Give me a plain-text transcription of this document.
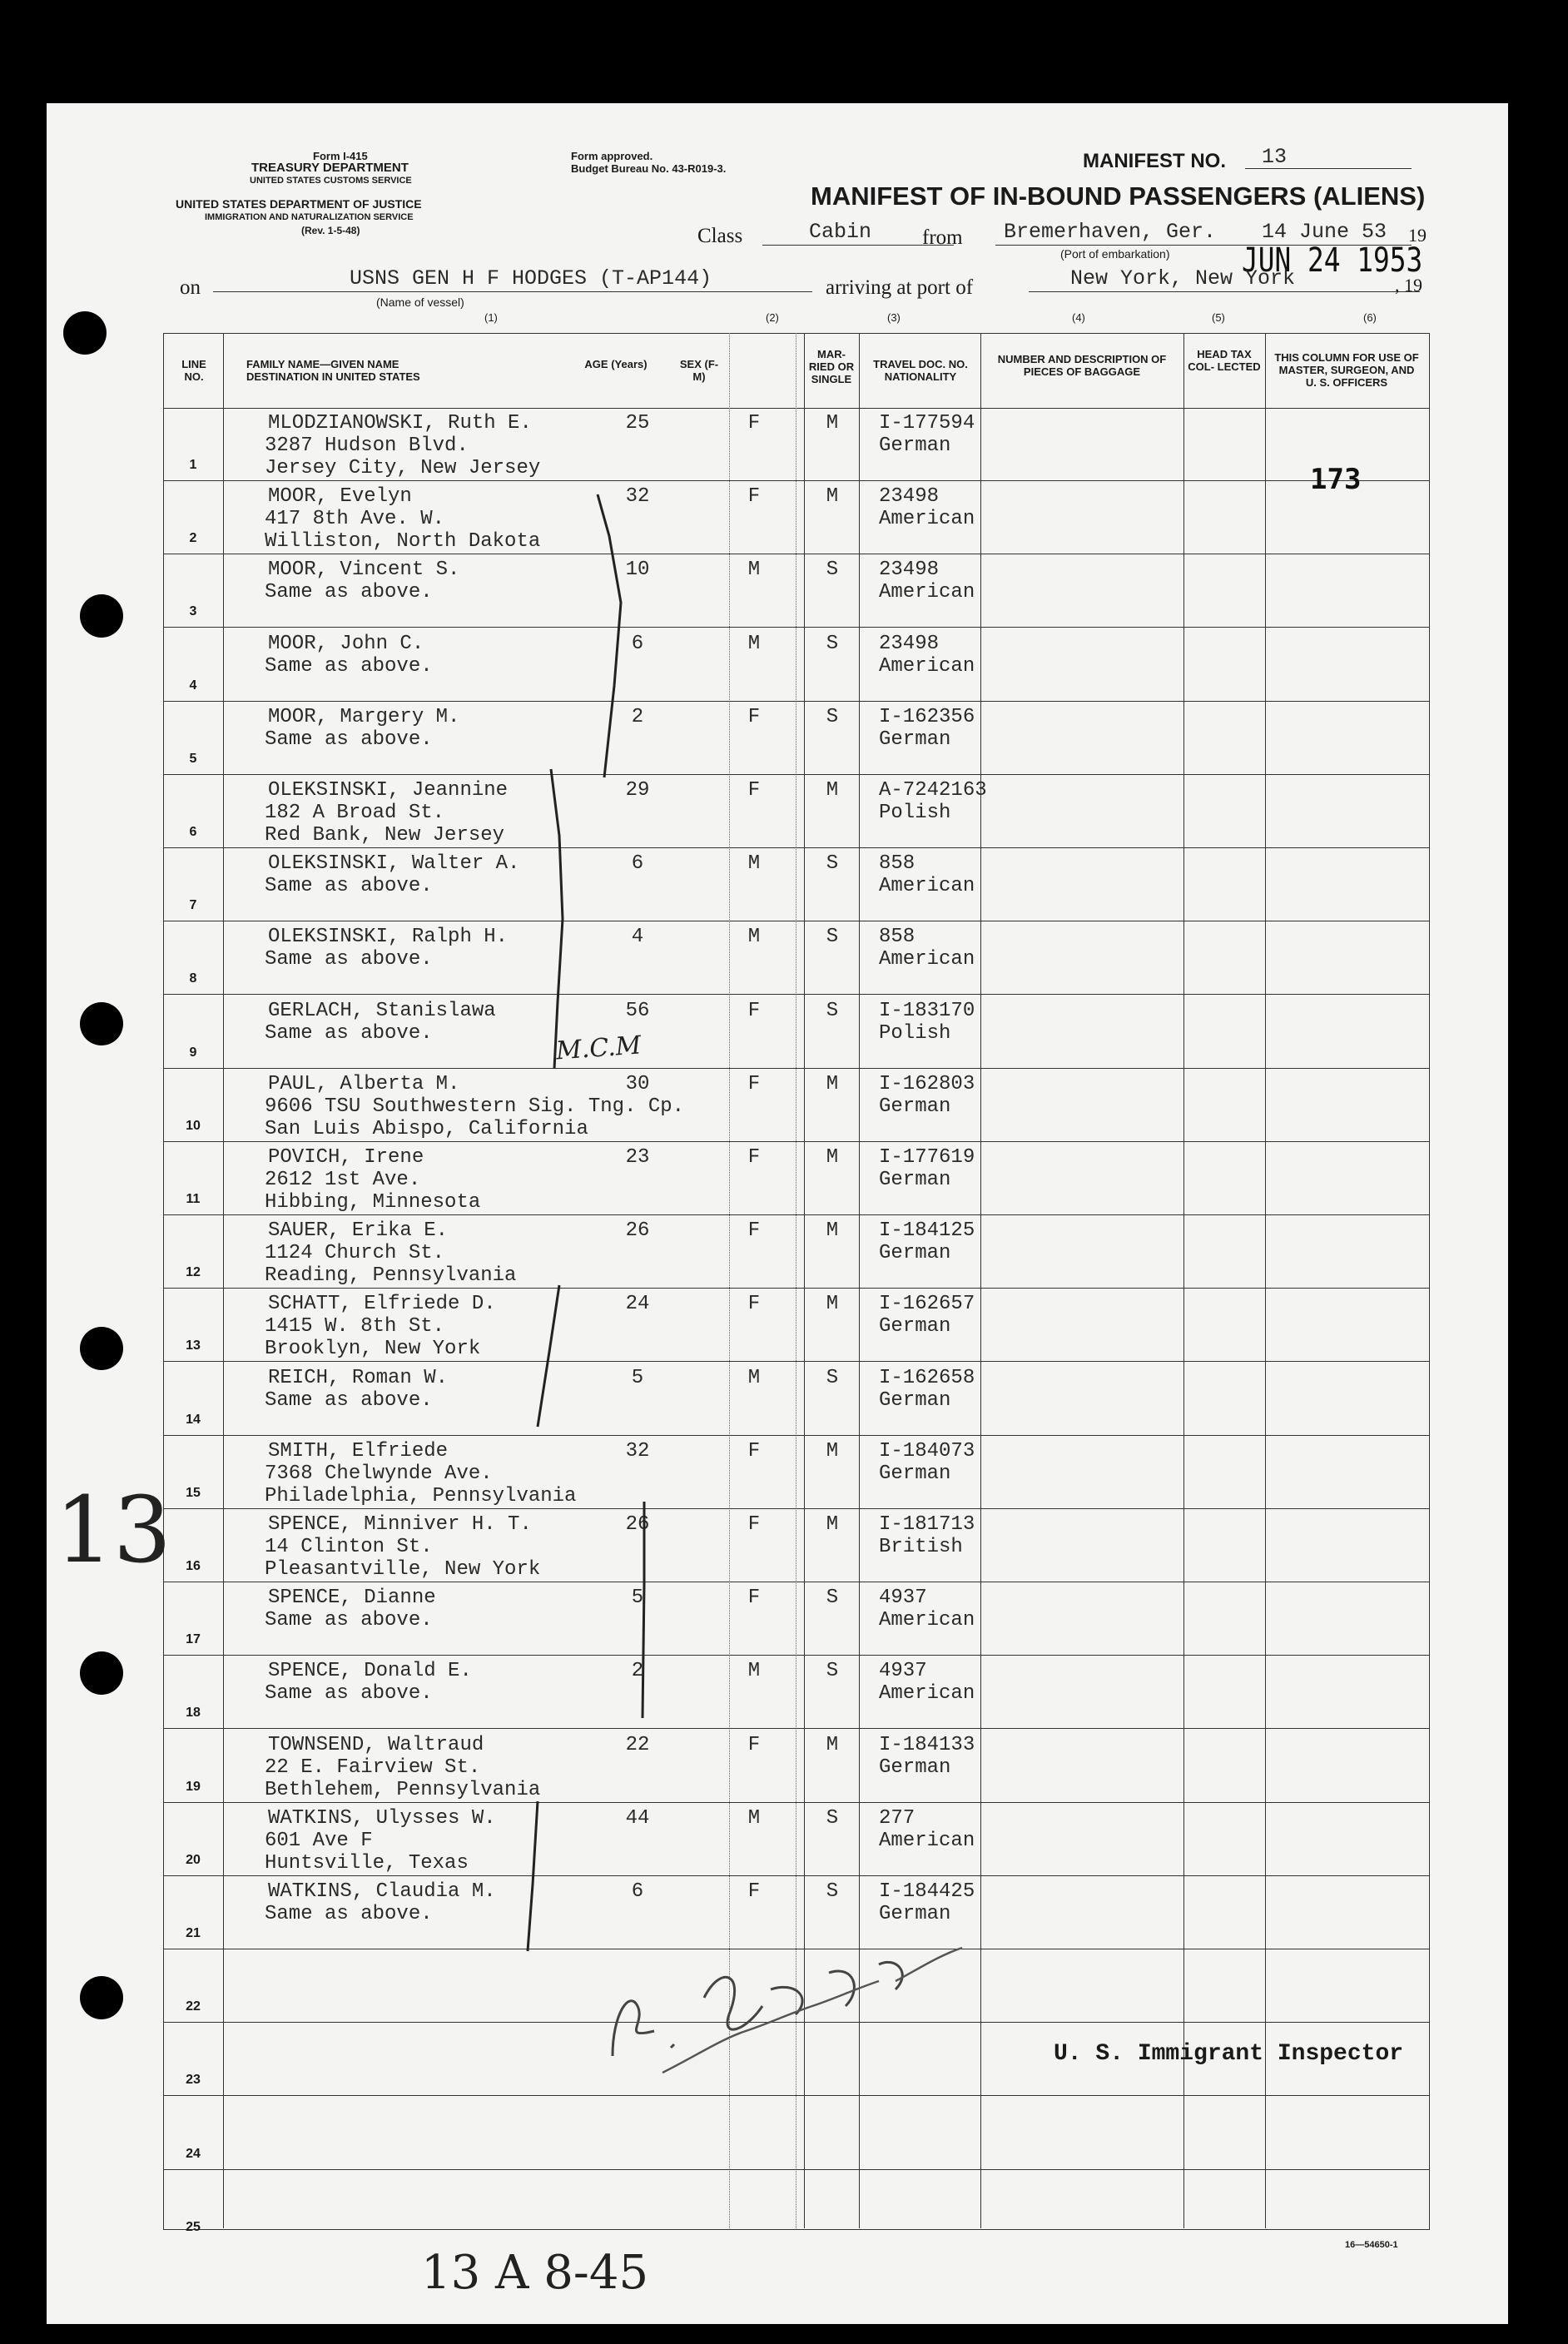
Form I-415
TREASURY DEPARTMENT
UNITED STATES CUSTOMS SERVICE
UNITED STATES DEPARTMENT OF JUSTICE
IMMIGRATION AND NATURALIZATION SERVICE
(Rev. 1-5-48)
Form approved.
Budget Bureau No. 43-R019-3.	MANIFEST NO. 13
MANIFEST OF IN-BOUND PASSENGERS (ALIENS)
Class	Cabin from Bremerhaven, Ger. 14 June 53 19
(Port of embarkation) JUN 24 1953
on	USNS GEN H F HODGES (T-AP144)
(Name of vessel)
arriving at port of	New York, New York	, 19
(1)	(2)	(3)	(4)	(5)	(6)
LINE NO.
FAMILY NAME—GIVEN NAME DESTINATION IN UNITED STATES
AGE (Years)	SEX (F-M)
MAR- RIED OR SINGLE
TRAVEL DOC. NO. NATIONALITY
NUMBER AND DESCRIPTION OF PIECES OF BAGGAGE
HEAD TAX COL- LECTED
THIS COLUMN FOR USE OF MASTER, SURGEON, AND U. S. OFFICERS
1
MLODZIANOWSKI, Ruth E.
3287 Hudson Blvd.
Jersey City, New Jersey
25	F	M	I-177594
German
2
MOOR, Evelyn
417 8th Ave. W.
Williston, North Dakota
32	F	M	23498
American
3
MOOR, Vincent S.
Same as above.
10	M	S	23498
American
4
MOOR, John C.
Same as above.
6	M	S	23498
American
5
MOOR, Margery M.
Same as above.
2	F	S	I-162356
German
6
OLEKSINSKI, Jeannine
182 A Broad St.
Red Bank, New Jersey
29	F	M	A-7242163
Polish
7
OLEKSINSKI, Walter A.
Same as above.
6	M	S	858
American
8
OLEKSINSKI, Ralph H.
Same as above.
4	M	S	858
American
9
GERLACH, Stanislawa
Same as above.
56	F	S	I-183170
Polish
10
PAUL, Alberta M.
9606 TSU Southwestern Sig. Tng. Cp.
San Luis Abispo, California
30	F	M	I-162803
German
11
POVICH, Irene
2612 1st Ave.
Hibbing, Minnesota
23	F	M	I-177619
German
12
SAUER, Erika E.
1124 Church St.
Reading, Pennsylvania
26	F	M	I-184125
German
13
SCHATT, Elfriede D.
1415 W. 8th St.
Brooklyn, New York
24	F	M	I-162657
German
14
REICH, Roman W.
Same as above.
5	M	S	I-162658
German
15
SMITH, Elfriede
7368 Chelwynde Ave.
Philadelphia, Pennsylvania
32	F	M	I-184073
German
16
SPENCE, Minniver H. T.
14 Clinton St.
Pleasantville, New York
26	F	M	I-181713
British
17
SPENCE, Dianne
Same as above.
5	F	S	4937
American
18
SPENCE, Donald E.
Same as above.
2	M	S	4937
American
19
TOWNSEND, Waltraud
22 E. Fairview St.
Bethlehem, Pennsylvania
22	F	M	I-184133
German
20
WATKINS, Ulysses W.
601 Ave F
Huntsville, Texas
44	M	S	277
American
21
WATKINS, Claudia M.
Same as above.
6	F	S	I-184425
German
22
23
24
25
173
M.C.M
13
U. S. Immigrant Inspector
13 A 8-45
16—54650-1
